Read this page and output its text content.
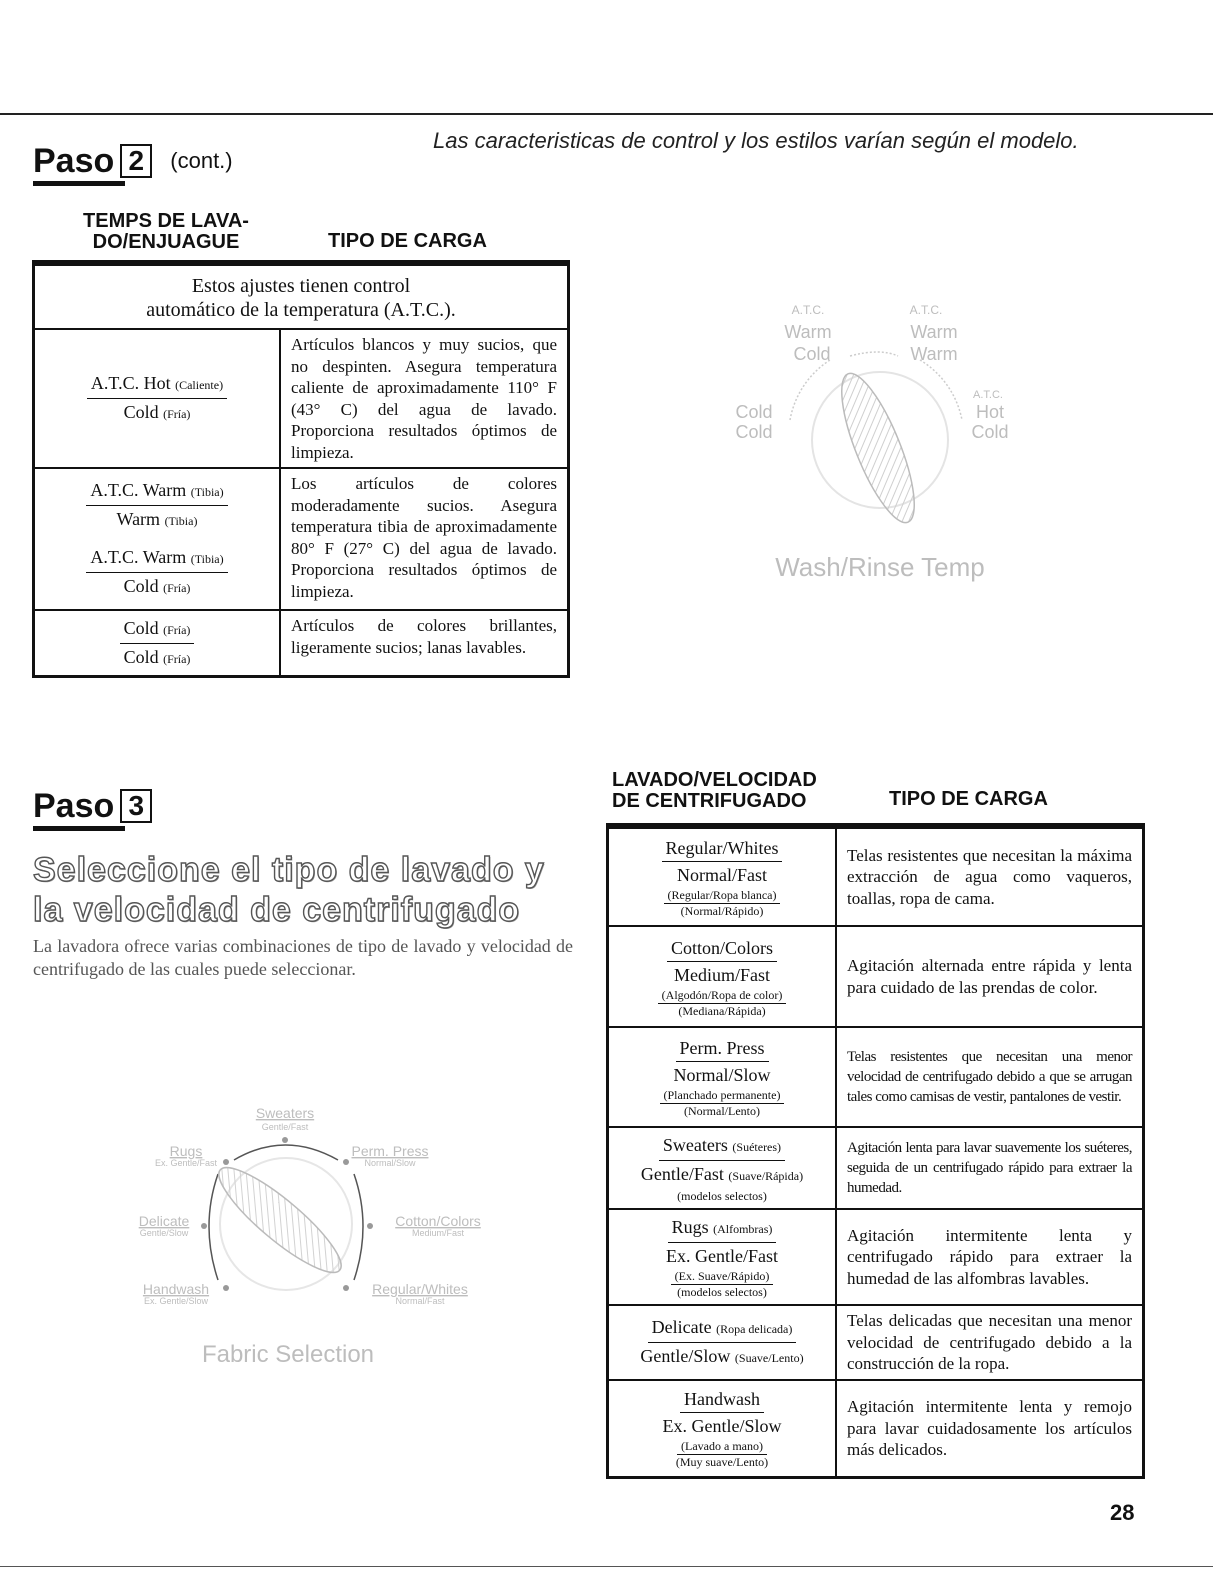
Las caracteristicas de control y los estilos varían según el modelo.
Paso 2 (cont.)
TEMPS DE LAVA-
DO/ENJUAGUE	TIPO DE CARGA
Estos ajustes tienen control
automático de la temperatura (A.T.C.).	

A.T.C. Hot (Caliente)
Cold (Fría)	Artículos blancos y muy sucios, que no despinten. Asegura temperatura caliente de aproximadamente 110° F (43° C) del agua de lavado. Proporciona resultados óptimos de limpieza.

A.T.C. Warm (Tibia)
Warm (Tibia)
A.T.C. Warm (Tibia)
Cold (Fría)	Los artículos de colores moderadamente sucios. Asegura temperatura tibia de aproximadamente 80° F (27° C) del agua de lavado. Proporciona resultados óptimos de limpieza.

Cold (Fría)
Cold (Fría)	Artículos de colores brillantes, ligeramente sucios; lanas lavables.
A.T.C.
Warm
Cold
A.T.C.
Warm
Warm
A.T.C.
Hot
Cold
Cold
Cold
Wash/Rinse Temp
Paso 3
Seleccione el tipo de lavado y
la velocidad de centrifugado
La lavadora ofrece varias combinaciones de tipo de lavado y velocidad de centrifugado de las cuales puede seleccionar.
Sweaters
Gentle/Fast
Rugs
Ex. Gentle/Fast
Perm. Press
Normal/Slow
Delicate
Gentle/Slow
Cotton/Colors
Medium/Fast
Handwash
Ex. Gentle/Slow
Regular/Whites
Normal/Fast
Fabric Selection
LAVADO/VELOCIDAD
DE CENTRIFUGADO	TIPO DE CARGA
Regular/Whites
Normal/Fast
(Regular/Ropa blanca)
(Normal/Rápido)	Telas resistentes que necesitan la máxima extracción de agua como vaqueros, toallas, ropa de cama.

Cotton/Colors
Medium/Fast
(Algodón/Ropa de color)
(Mediana/Rápida)	Agitación alternada entre rápida y lenta para cuidado de las prendas de color.

Perm. Press
Normal/Slow
(Planchado permanente)
(Normal/Lento)	Telas resistentes que necesitan una menor velocidad de centrifugado debido a que se arrugan tales como camisas de vestir, pantalones de vestir.

Sweaters (Suéteres)
Gentle/Fast (Suave/Rápida)
(modelos selectos)	Agitación lenta para lavar suavemente los suéteres, seguida de un centrifugado rápido para extraer la humedad.

Rugs (Alfombras)
Ex. Gentle/Fast
(Ex. Suave/Rápido)
(modelos selectos)	Agitación intermitente lenta y centrifugado rápido para extraer la humedad de las alfombras lavables.

Delicate (Ropa delicada)
Gentle/Slow (Suave/Lento)	Telas delicadas que necesitan una menor velocidad de centrifugado debido a la construcción de la ropa.

Handwash
Ex. Gentle/Slow
(Lavado a mano)
(Muy suave/Lento)	Agitación intermitente lenta y remojo para lavar cuidadosamente los artículos más delicados.
28
